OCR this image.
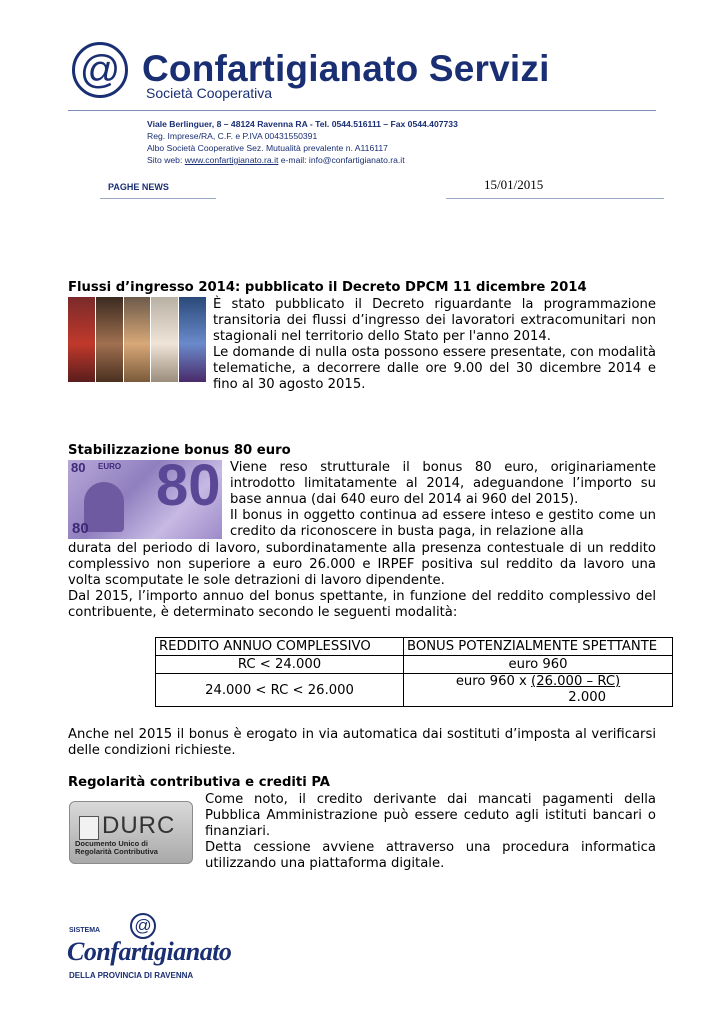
@ Confartigianato Servizi
Società Cooperativa
Viale Berlinguer, 8 – 48124 Ravenna RA - Tel. 0544.516111 – Fax 0544.407733
Reg. Imprese/RA, C.F. e P.IVA 00431550391
Albo Società Cooperative Sez. Mutualità prevalente n. A116117
Sito web: www.confartigianato.ra.it e-mail: info@confartigianato.ra.it
PAGHE NEWS	15/01/2015
Flussi d’ingresso 2014: pubblicato il Decreto DPCM 11 dicembre 2014
È stato pubblicato il Decreto riguardante la programmazione transitoria dei flussi d’ingresso dei lavoratori extracomunitari non stagionali nel territorio dello Stato per l'anno 2014.
Le domande di nulla osta possono essere presentate, con modalità telematiche, a decorrere dalle ore 9.00 del 30 dicembre 2014 e fino al 30 agosto 2015.
Stabilizzazione bonus 80 euro
80 EURO 80
80
Viene reso strutturale il bonus 80 euro, originariamente introdotto limitatamente al 2014, adeguandone l’importo su base annua (dai 640 euro del 2014 ai 960 del 2015).
Il bonus in oggetto continua ad essere inteso e gestito come un credito da riconoscere in busta paga, in relazione alla
durata del periodo di lavoro, subordinatamente alla presenza contestuale di un reddito complessivo non superiore a euro 26.000 e IRPEF positiva sul reddito da lavoro una volta scomputate le sole detrazioni di lavoro dipendente.
Dal 2015, l’importo annuo del bonus spettante, in funzione del reddito complessivo del contribuente, è determinato secondo le seguenti modalità:
REDDITO ANNUO COMPLESSIVO	BONUS POTENZIALMENTE SPETTANTE
RC < 24.000	euro 960
24.000 < RC < 26.000	euro 960 x (26.000 – RC)
2.000
Anche nel 2015 il bonus è erogato in via automatica dai sostituti d’imposta al verificarsi delle condizioni richieste.
Regolarità contributiva e crediti PA
DURC
Documento Unico di
Regolarità Contributiva
Come noto, il credito derivante dai mancati pagamenti della Pubblica Amministrazione può essere ceduto agli istituti bancari o finanziari.
Detta cessione avviene attraverso una procedura informatica utilizzando una piattaforma digitale.
SISTEMA @
Confartigianato
DELLA PROVINCIA DI RAVENNA
